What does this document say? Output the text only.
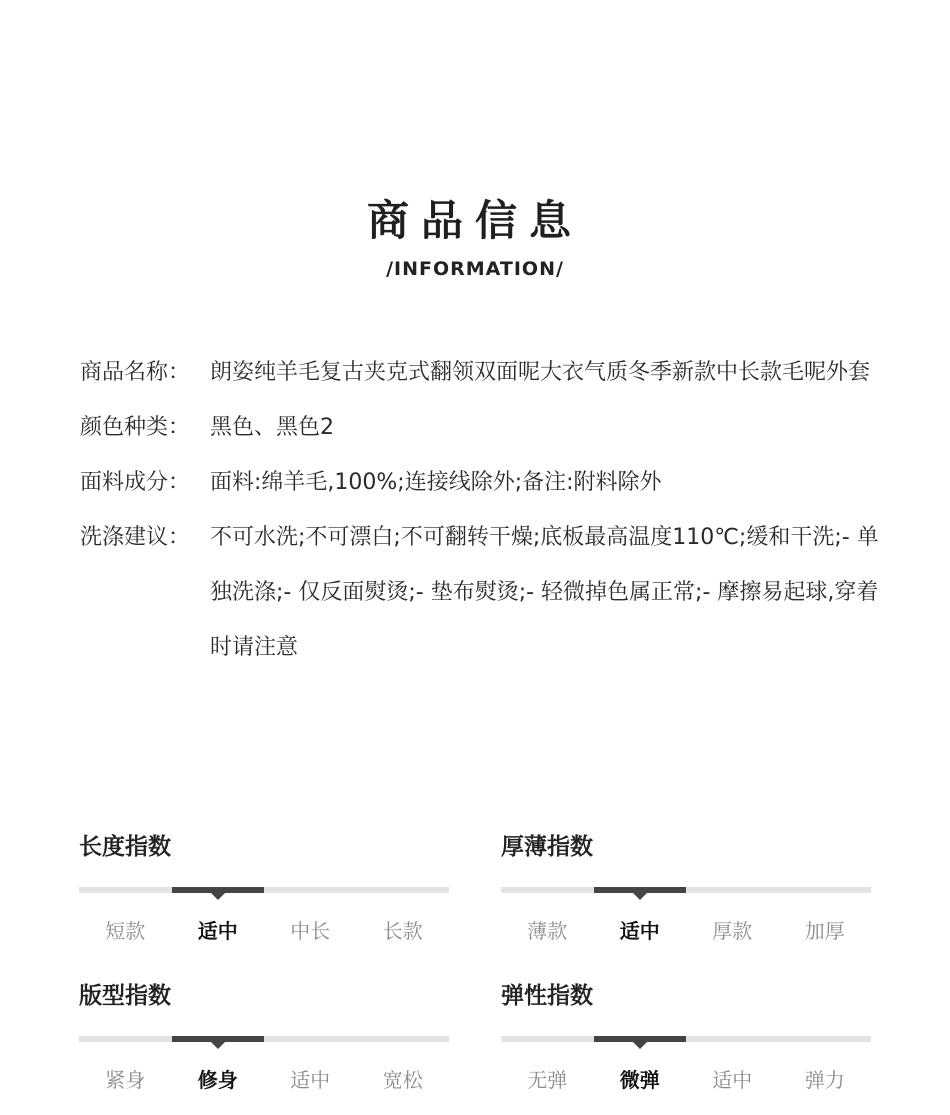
商品信息
/INFORMATION/
商品名称： 朗姿纯羊毛复古夹克式翻领双面呢大衣气质冬季新款中长款毛呢外套
颜色种类： 黑色、黑色2
面料成分： 面料:绵羊毛,100%;连接线除外;备注:附料除外
洗涤建议： 不可水洗;不可漂白;不可翻转干燥;底板最高温度110℃;缓和干洗;- 单独洗涤;- 仅反面熨烫;- 垫布熨烫;- 轻微掉色属正常;- 摩擦易起球,穿着时请注意
长度指数
短款	适中	中长	长款
厚薄指数
薄款	适中	厚款	加厚
版型指数
紧身	修身	适中	宽松
弹性指数
无弹	微弹	适中	弹力
